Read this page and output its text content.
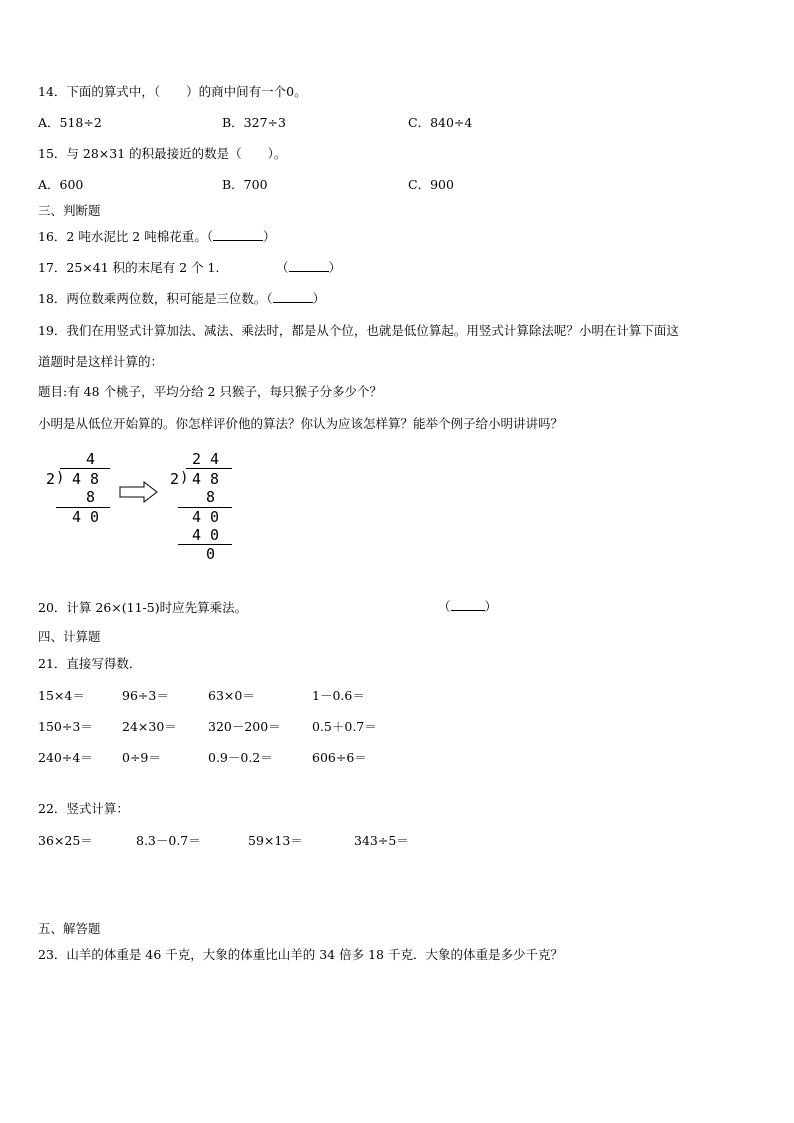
14．下面的算式中，（ ）的商中间有一个0。
A．518÷2	B．327÷3	C．840÷4
15．与 28×31 的积最接近的数是（ ）。
A．600	B．700	C．900
三、判断题
16．2 吨水泥比 2 吨棉花重。（	）
17．25×41 积的末尾有 2 个 1．	（	）
18．两位数乘两位数，积可能是三位数。（	）
19．我们在用竖式计算加法、减法、乘法时，都是从个位，也就是低位算起。用竖式计算除法呢？小明在计算下面这
道题时是这样计算的：
题目:有 48 个桃子，平均分给 2 只猴子，每只猴子分多少个？
小明是从低位开始算的。你怎样评价他的算法？你认为应该怎样算？能举个例子给小明讲讲吗？
4
2 ) 4 8
8
4 0
2 4
2 ) 4 8
8
4 0
4 0
0
20．计算 26×(11-5)时应先算乘法。	（	）
四、计算题
21．直接写得数．
15×4＝	96÷3＝	63×0＝	1－0.6＝
150÷3＝ 24×30＝ 320－200＝	0.5＋0.7＝
240÷4＝ 0÷9＝	0.9－0.2＝	606÷6＝
22．竖式计算：
36×25＝	8.3－0.7＝	59×13＝	343÷5＝
五、解答题
23．山羊的体重是 46 千克，大象的体重比山羊的 34 倍多 18 千克．大象的体重是多少千克？
